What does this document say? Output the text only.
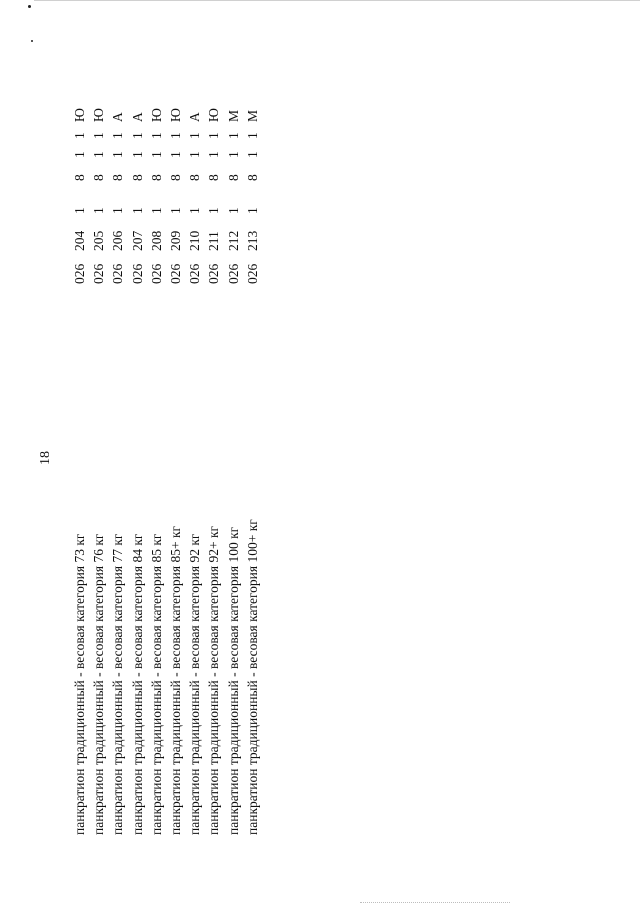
18
панкратион традиционный - весовая категория 73 кг
026
204
1
8
1
1
Ю
панкратион традиционный - весовая категория 76 кг
026
205
1
8
1
1
Ю
панкратион традиционный - весовая категория 77 кг
026
206
1
8
1
1
А
панкратион традиционный - весовая категория 84 кг
026
207
1
8
1
1
А
панкратион традиционный - весовая категория 85 кг
026
208
1
8
1
1
Ю
панкратион традиционный - весовая категория 85+ кг
026
209
1
8
1
1
Ю
панкратион традиционный - весовая категория 92 кг
026
210
1
8
1
1
А
панкратион традиционный - весовая категория 92+ кг
026
211
1
8
1
1
Ю
панкратион традиционный - весовая категория 100 кг
026
212
1
8
1
1
М
панкратион традиционный - весовая категория 100+ кг
026
213
1
8
1
1
М
